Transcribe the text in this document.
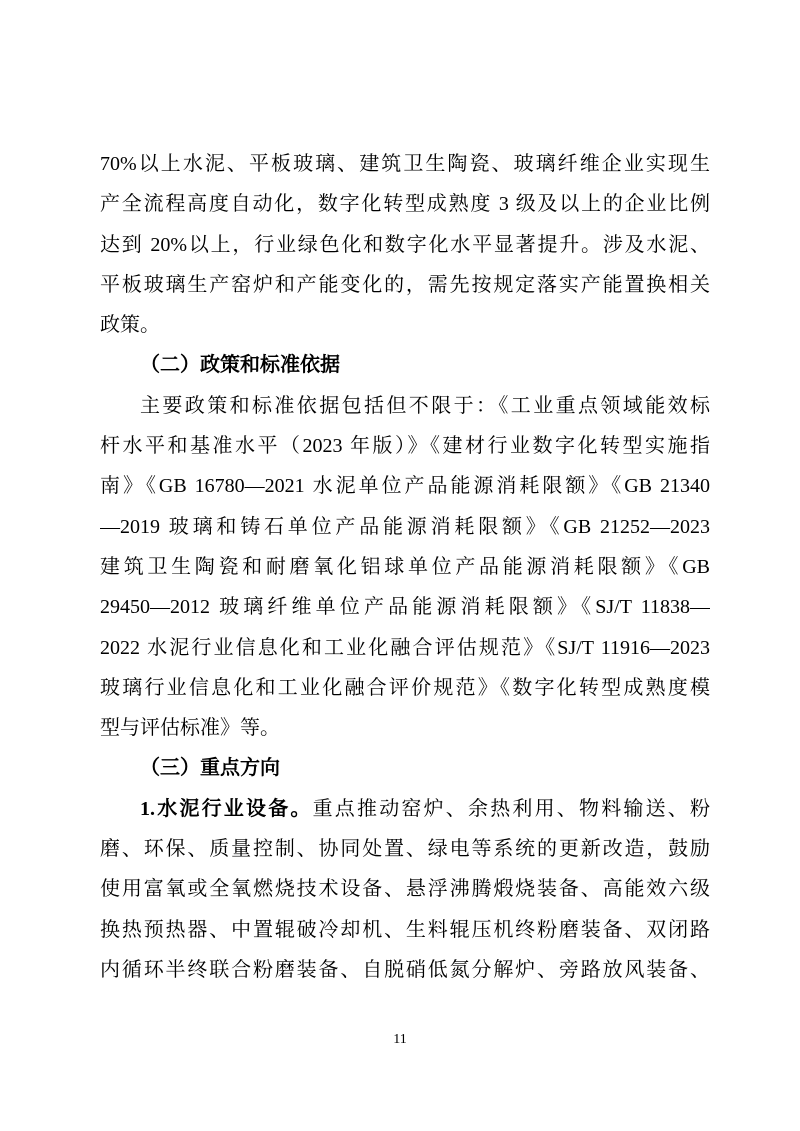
70%以上水泥、平板玻璃、建筑卫生陶瓷、玻璃纤维企业实现生
产全流程高度自动化，数字化转型成熟度 3 级及以上的企业比例
达到 20%以上，行业绿色化和数字化水平显著提升。涉及水泥、
平板玻璃生产窑炉和产能变化的，需先按规定落实产能置换相关
政策。
（二）政策和标准依据
主要政策和标准依据包括但不限于：《工业重点领域能效标
杆水平和基准水平（2023 年版）》《建材行业数字化转型实施指
南》《GB 16780—2021 水泥单位产品能源消耗限额》《GB 21340
—2019 玻璃和铸石单位产品能源消耗限额》《GB 21252—2023
建筑卫生陶瓷和耐磨氧化铝球单位产品能源消耗限额》《GB
29450—2012 玻璃纤维单位产品能源消耗限额》《SJ/T 11838—
2022 水泥行业信息化和工业化融合评估规范》《SJ/T 11916—2023
玻璃行业信息化和工业化融合评价规范》《数字化转型成熟度模
型与评估标准》等。
（三）重点方向
1.水泥行业设备。重点推动窑炉、余热利用、物料输送、粉
磨、环保、质量控制、协同处置、绿电等系统的更新改造，鼓励
使用富氧或全氧燃烧技术设备、悬浮沸腾煅烧装备、高能效六级
换热预热器、中置辊破冷却机、生料辊压机终粉磨装备、双闭路
内循环半终联合粉磨装备、自脱硝低氮分解炉、旁路放风装备、
11
